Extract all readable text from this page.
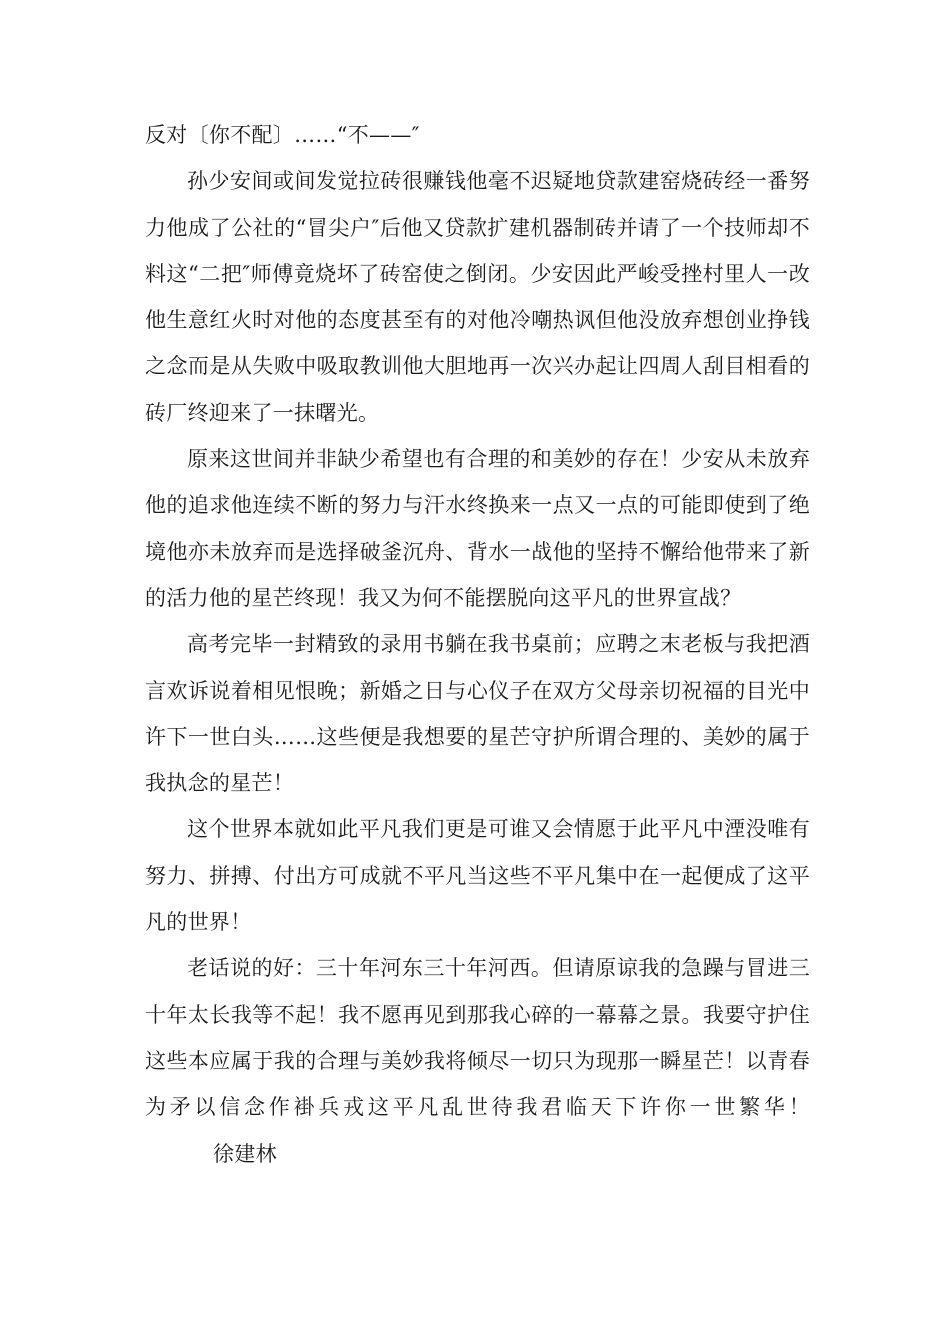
反对〔你不配〕……“不——″

孙少安间或间发觉拉砖很赚钱他毫不迟疑地贷款建窑烧砖经一番努力他成了公社的“冒尖户″后他又贷款扩建机器制砖并请了一个技师却不料这“二把″师傅竟烧坏了砖窑使之倒闭。少安因此严峻受挫村里人一改他生意红火时对他的态度甚至有的对他冷嘲热讽但他没放弃想创业挣钱之念而是从失败中吸取教训他大胆地再一次兴办起让四周人刮目相看的砖厂终迎来了一抹曙光。

原来这世间并非缺少希望也有合理的和美妙的存在！少安从未放弃他的追求他连续不断的努力与汗水终换来一点又一点的可能即使到了绝境他亦未放弃而是选择破釜沉舟、背水一战他的坚持不懈给他带来了新的活力他的星芒终现！我又为何不能摆脱向这平凡的世界宣战？

高考完毕一封精致的录用书躺在我书桌前；应聘之末老板与我把酒言欢诉说着相见恨晚；新婚之日与心仪子在双方父母亲切祝福的目光中许下一世白头……这些便是我想要的星芒守护所谓合理的、美妙的属于我执念的星芒！

这个世界本就如此平凡我们更是可谁又会情愿于此平凡中湮没唯有努力、拼搏、付出方可成就不平凡当这些不平凡集中在一起便成了这平凡的世界！

老话说的好：三十年河东三十年河西。但请原谅我的急躁与冒进三十年太长我等不起！我不愿再见到那我心碎的一幕幕之景。我要守护住这些本应属于我的合理与美妙我将倾尽一切只为现那一瞬星芒！以青春为矛以信念作褂兵戎这平凡乱世待我君临天下许你一世繁华！徐建林
